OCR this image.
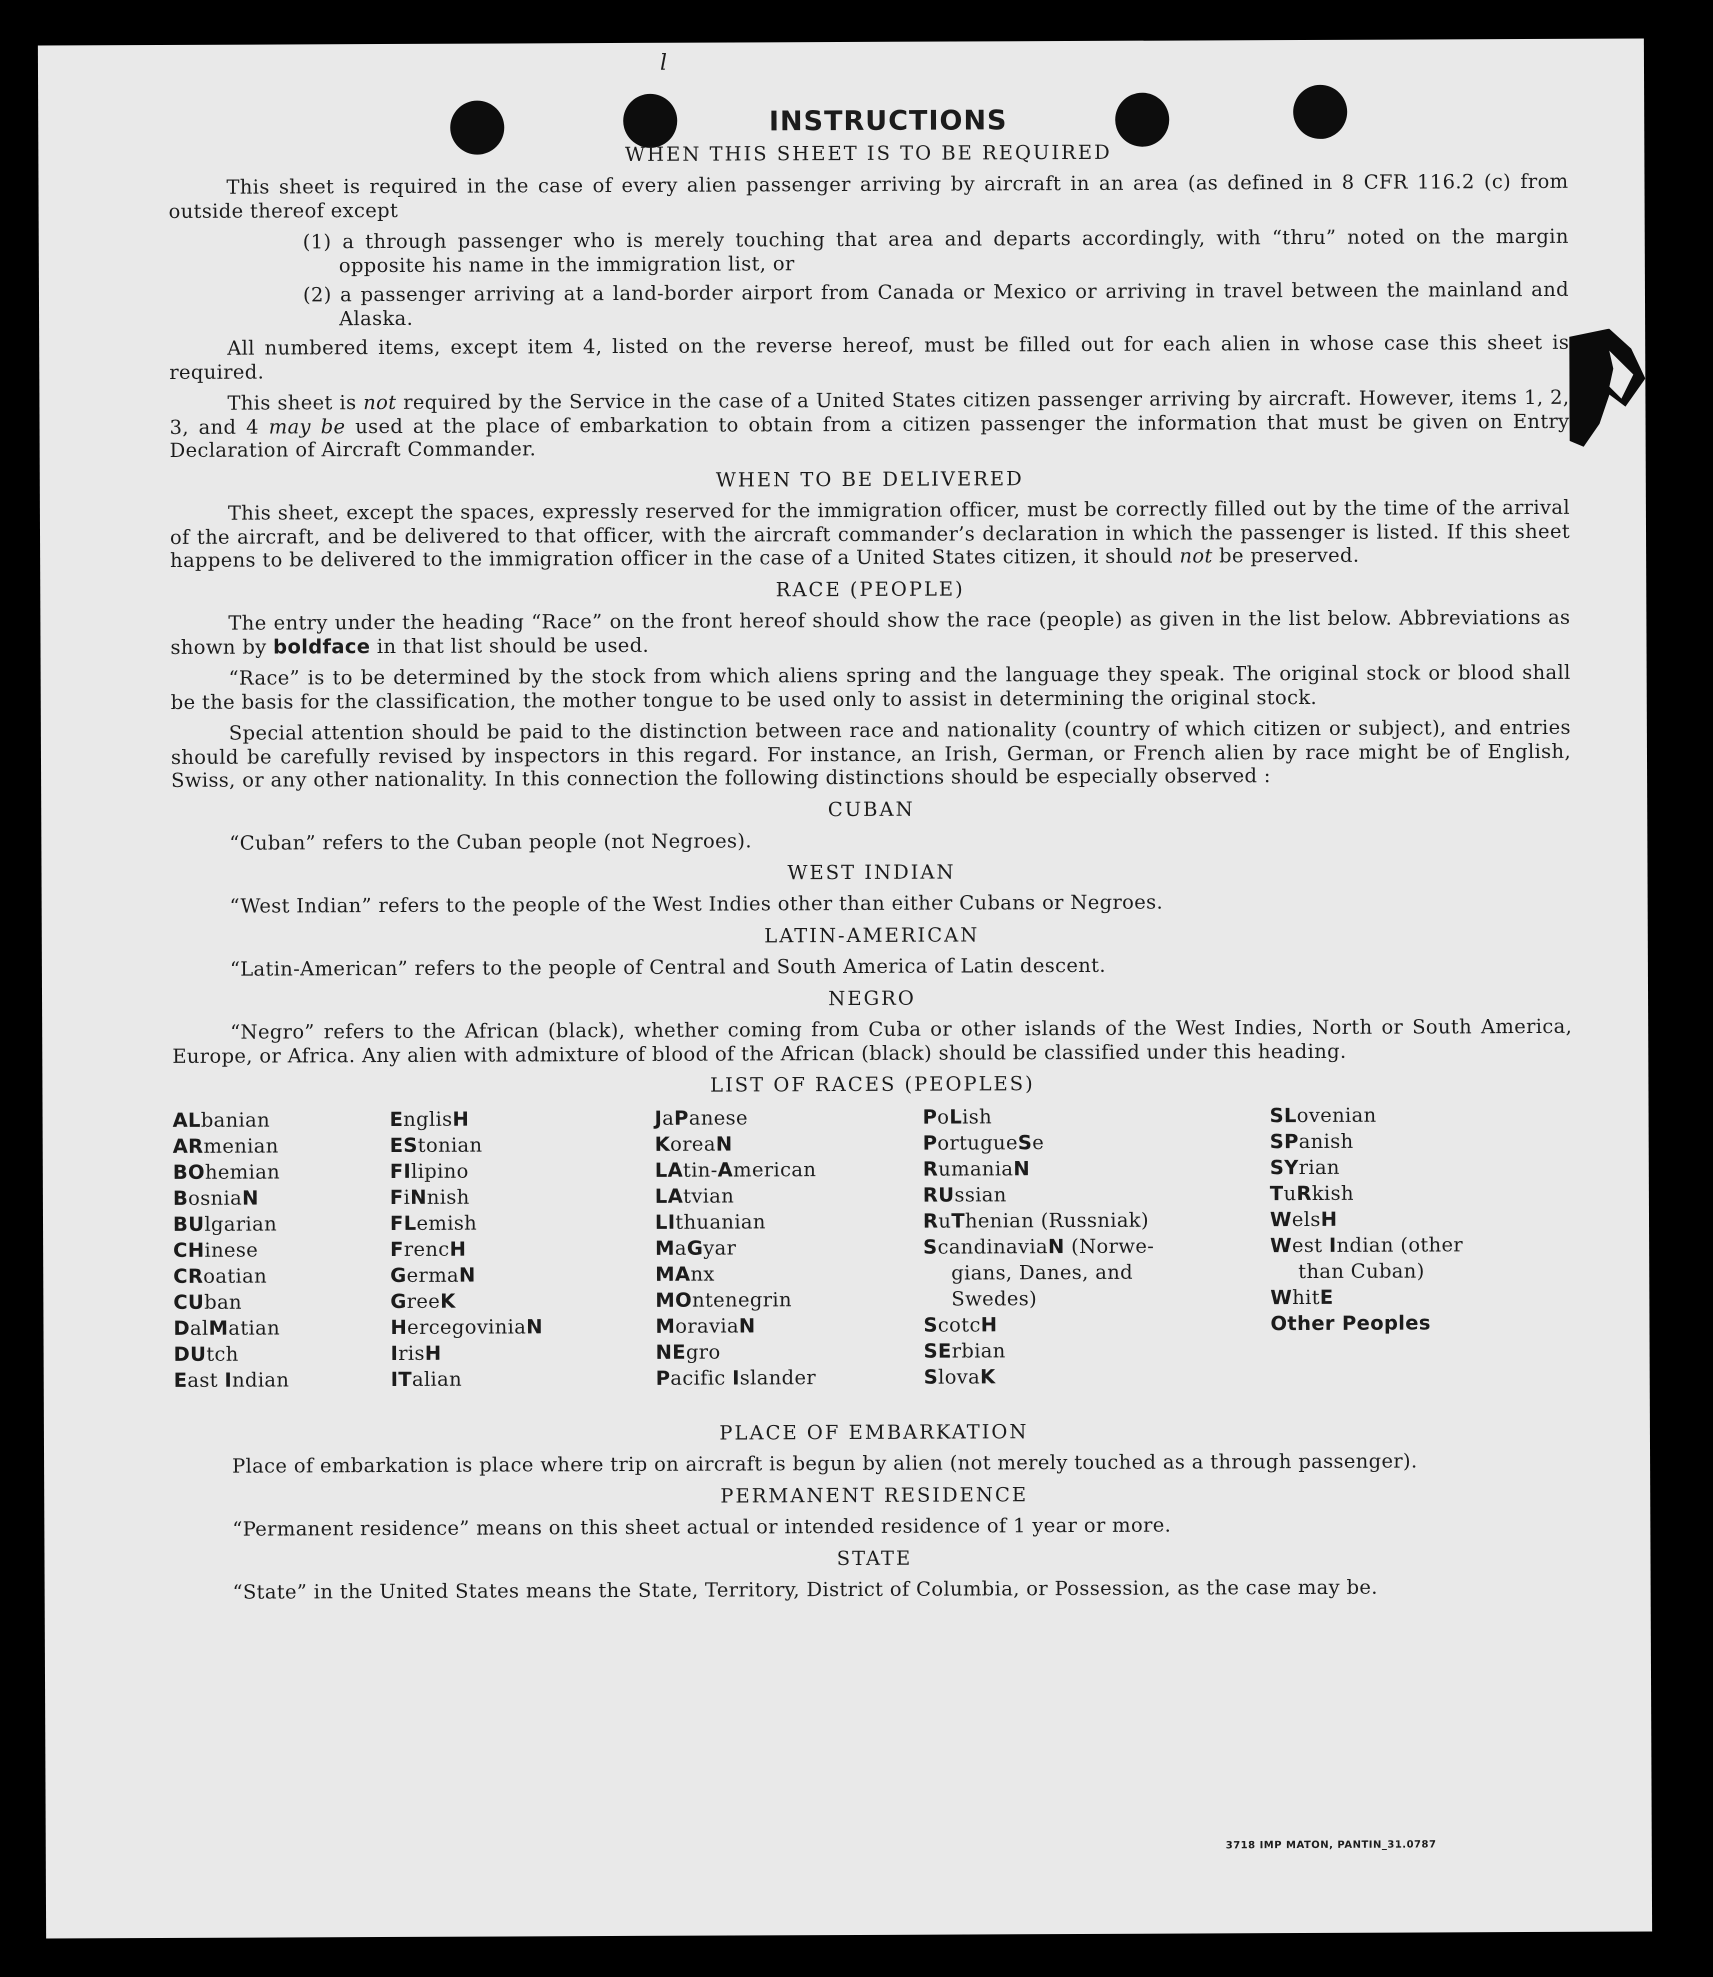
l
INSTRUCTIONS
WHEN THIS SHEET IS TO BE REQUIRED

This sheet is required in the case of every alien passenger arriving by aircraft in an area (as defined in 8 CFR 116.2 (c) from outside thereof except

(1) a through passenger who is merely touching that area and departs accordingly, with “thru” noted on the margin opposite his name in the immigration list, or
(2) a passenger arriving at a land-border airport from Canada or Mexico or arriving in travel between the mainland and Alaska.

All numbered items, except item 4, listed on the reverse hereof, must be filled out for each alien in whose case this sheet is required.

This sheet is not required by the Service in the case of a United States citizen passenger arriving by aircraft. However, items 1, 2, 3, and 4 may be used at the place of embarkation to obtain from a citizen passenger the information that must be given on Entry Declaration of Aircraft Commander.

WHEN TO BE DELIVERED

This sheet, except the spaces, expressly reserved for the immigration officer, must be correctly filled out by the time of the arrival of the aircraft, and be delivered to that officer, with the aircraft commander’s declaration in which the passenger is listed. If this sheet happens to be delivered to the immigration officer in the case of a United States citizen, it should not be preserved.

RACE (PEOPLE)

The entry under the heading “Race” on the front hereof should show the race (people) as given in the list below. Abbreviations as shown by boldface in that list should be used.

“Race” is to be determined by the stock from which aliens spring and the language they speak. The original stock or blood shall be the basis for the classification, the mother tongue to be used only to assist in determining the original stock.

Special attention should be paid to the distinction between race and nationality (country of which citizen or subject), and entries should be carefully revised by inspectors in this regard. For instance, an Irish, German, or French alien by race might be of English, Swiss, or any other nationality. In this connection the following distinctions should be especially observed :

CUBAN

“Cuban” refers to the Cuban people (not Negroes).

WEST INDIAN

“West Indian” refers to the people of the West Indies other than either Cubans or Negroes.

LATIN-AMERICAN

“Latin-American” refers to the people of Central and South America of Latin descent.

NEGRO

“Negro” refers to the African (black), whether coming from Cuba or other islands of the West Indies, North or South America, Europe, or Africa. Any alien with admixture of blood of the African (black) should be classified under this heading.

LIST OF RACES (PEOPLES)
ALbanian
ARmenian
BOhemian
BosniaN
BUlgarian
CHinese
CRoatian
CUban
DalMatian
DUtch
East Indian
EnglisH
EStonian
FIlipino
FiNnish
FLemish
FrencH
GermaN
GreeK
HercegoviniaN
IrisH
ITalian
JaPanese
KoreaN
LAtin-American
LAtvian
LIthuanian
MaGyar
MAnx
MOntenegrin
MoraviaN
NEgro
Pacific Islander
PoLish
PortugueSe
RumaniaN
RUssian
RuThenian (Russniak)
ScandinaviaN (Norwe-
gians, Danes, and
Swedes)
ScotcH
SErbian
SlovaK
SLovenian
SPanish
SYrian
TuRkish
WelsH
West Indian (other
than Cuban)
WhitE
Other Peoples
PLACE OF EMBARKATION

Place of embarkation is place where trip on aircraft is begun by alien (not merely touched as a through passenger).

PERMANENT RESIDENCE

“Permanent residence” means on this sheet actual or intended residence of 1 year or more.

STATE

“State” in the United States means the State, Territory, District of Columbia, or Possession, as the case may be.

3718 IMP MATON, PANTIN_31.0787
